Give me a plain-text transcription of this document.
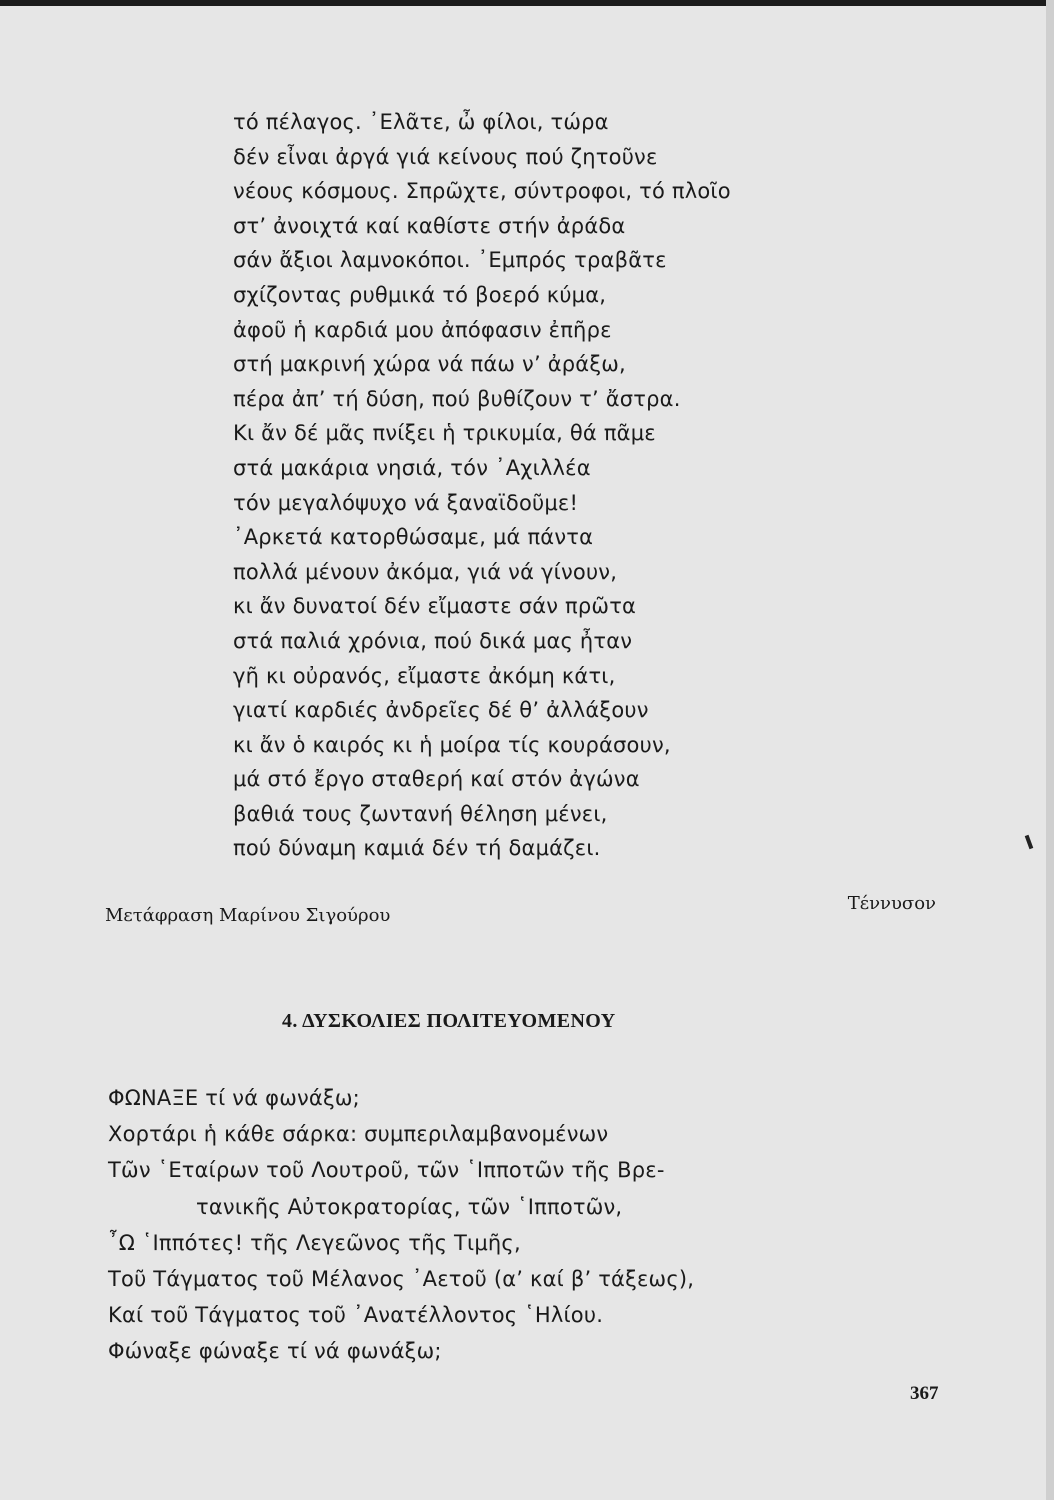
τό πέλαγος. ᾿Ελᾶτε, ὦ φίλοι, τώρα
δέν εἶναι ἀργά γιά κείνους πού ζητοῦνε
νέους κόσμους. Σπρῶχτε, σύντροφοι, τό πλοῖο
στ’ ἀνοιχτά καί καθίστε στήν ἀράδα
σάν ἄξιοι λαμνοκόποι. ᾿Εμπρός τραβᾶτε
σχίζοντας ρυθμικά τό βοερό κύμα,
ἀφοῦ ἡ καρδιά μου ἀπόφασιν ἐπῆρε
στή μακρινή χώρα νά πάω ν’ ἀράξω,
πέρα ἀπ’ τή δύση, πού βυθίζουν τ’ ἄστρα.
Κι ἄν δέ μᾶς πνίξει ἡ τρικυμία, θά πᾶμε
στά μακάρια νησιά, τόν ᾿Αχιλλέα
τόν μεγαλόψυχο νά ξαναϊδοῦμε!
᾿Αρκετά κατορθώσαμε, μά πάντα
πολλά μένουν ἀκόμα, γιά νά γίνουν,
κι ἄν δυνατοί δέν εἴμαστε σάν πρῶτα
στά παλιά χρόνια, πού δικά μας ἦταν
γῆ κι οὐρανός, εἴμαστε ἀκόμη κάτι,
γιατί καρδιές ἀνδρεῖες δέ θ’ ἀλλάξουν
κι ἄν ὁ καιρός κι ἡ μοίρα τίς κουράσουν,
μά στό ἔργο σταθερή καί στόν ἀγώνα
βαθιά τους ζωντανή θέληση μένει,
πού δύναμη καμιά δέν τή δαμάζει.
Μετάφραση Μαρίνου Σιγούρου
Τέννυσον
4. ΔΥΣΚΟΛΙΕΣ ΠΟΛΙΤΕΥΟΜΕΝΟΥ
ΦΩΝΑΞΕ τί νά φωνάξω;
Χορτάρι ἡ κάθε σάρκα: συμπεριλαμβανομένων
Τῶν ῾Εταίρων τοῦ Λουτροῦ, τῶν ῾Ιπποτῶν τῆς Βρε-
τανικῆς Αὐτοκρατορίας, τῶν ῾Ιπποτῶν,
῏Ω ῾Ιππότες! τῆς Λεγεῶνος τῆς Τιμῆς,
Τοῦ Τάγματος τοῦ Μέλανος ᾿Αετοῦ (α’ καί β’ τάξεως),
Καί τοῦ Τάγματος τοῦ ᾿Ανατέλλοντος ῾Ηλίου.
Φώναξε φώναξε τί νά φωνάξω;
367
